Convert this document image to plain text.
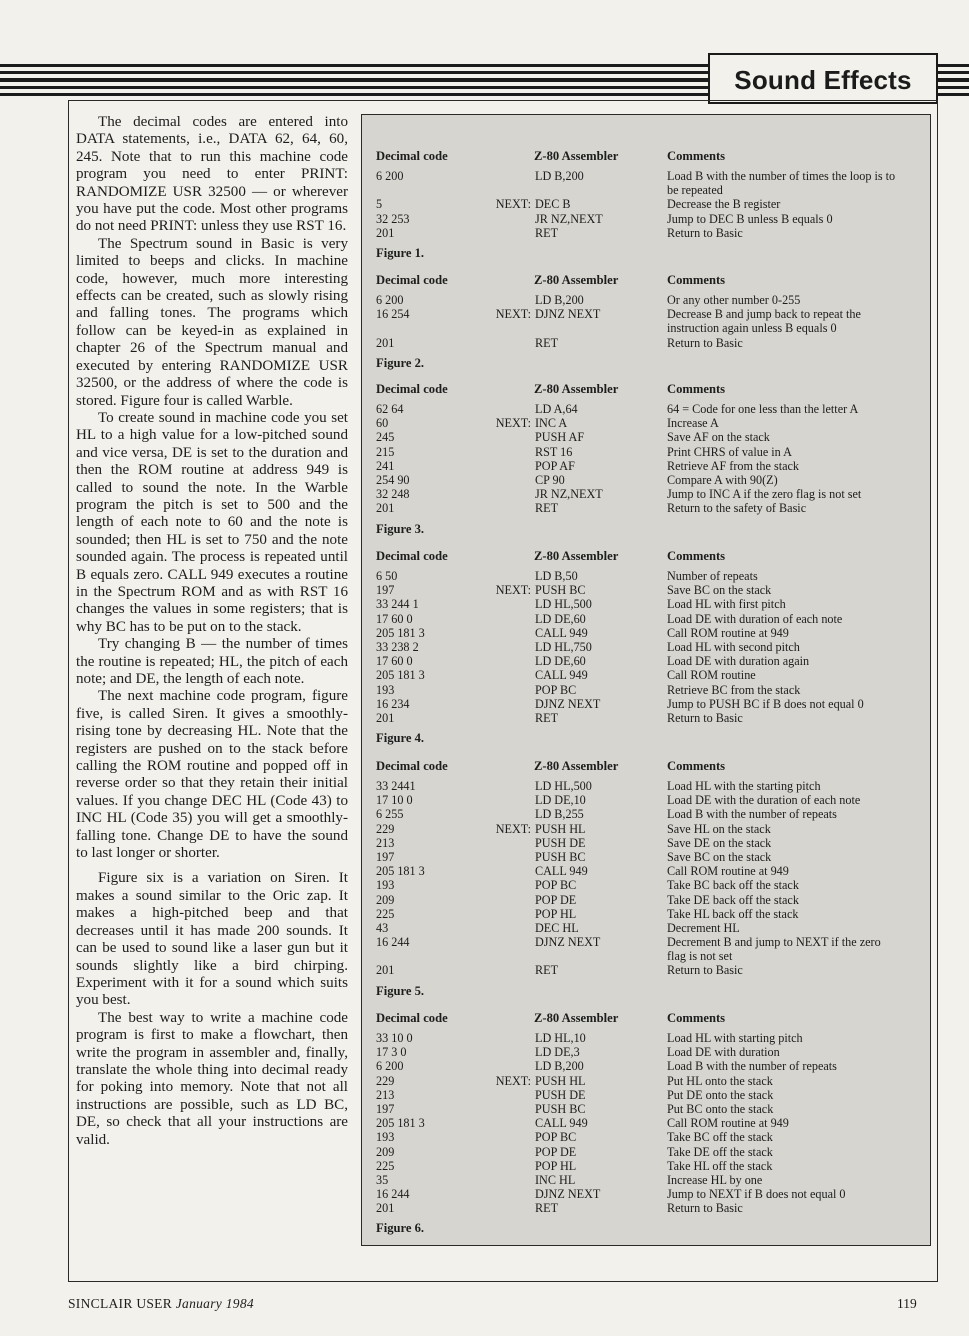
Sound Effects

The decimal codes are entered into DATA statements, i.e., DATA 62, 64, 60, 245. Note that to run this machine code program you need to enter PRINT: RANDOMIZE USR 32500 — or wherever you have put the code. Most other programs do not need PRINT: unless they use RST 16.

The Spectrum sound in Basic is very limited to beeps and clicks. In machine code, however, much more interesting effects can be created, such as slowly rising and falling tones. The programs which follow can be keyed-in as explained in chapter 26 of the Spectrum manual and executed by entering RANDOMIZE USR 32500, or the address of where the code is stored. Figure four is called Warble.

To create sound in machine code you set HL to a high value for a low-pitched sound and vice versa, DE is set to the duration and then the ROM routine at address 949 is called to sound the note. In the Warble program the pitch is set to 500 and the length of each note to 60 and the note is sounded; then HL is set to 750 and the note sounded again. The process is repeated until B equals zero. CALL 949 executes a routine in the Spectrum ROM and as with RST 16 changes the values in some registers; that is why BC has to be put on to the stack.

Try changing B — the number of times the routine is repeated; HL, the pitch of each note; and DE, the length of each note.

The next machine code program, figure five, is called Siren. It gives a smoothly-rising tone by decreasing HL. Note that the registers are pushed on to the stack before calling the ROM routine and popped off in reverse order so that they retain their initial values. If you change DEC HL (Code 43) to INC HL (Code 35) you will get a smoothly-falling tone. Change DE to have the sound to last longer or shorter.

Figure six is a variation on Siren. It makes a sound similar to the Oric zap. It makes a high-pitched beep and that decreases until it has made 200 sounds. It can be used to sound like a laser gun but it sounds slightly like a bird chirping. Experiment with it for a sound which suits you best.

The best way to write a machine code program is first to make a flowchart, then write the program in assembler and, finally, translate the whole thing into decimal ready for poking into memory. Note that not all instructions are possible, such as LD BC, DE, so check that all your instructions are valid.

Decimal code	Z-80 Assembler	Comments
6 200	LD B,200	Load B with the number of times the loop is to be repeated
5	NEXT: DEC B	Decrease the B register
32 253	JR NZ,NEXT	Jump to DEC B unless B equals 0
201	RET	Return to Basic
Figure 1.
Decimal code	Z-80 Assembler	Comments
6 200	LD B,200	Or any other number 0-255
16 254	NEXT: DJNZ NEXT	Decrease B and jump back to repeat the instruction again unless B equals 0
201	RET	Return to Basic
Figure 2.
Decimal code	Z-80 Assembler	Comments
62 64	LD A,64	64 = Code for one less than the letter A
60	NEXT: INC A	Increase A
245	PUSH AF	Save AF on the stack
215	RST 16	Print CHRS of value in A
241	POP AF	Retrieve AF from the stack
254 90	CP 90	Compare A with 90(Z)
32 248	JR NZ,NEXT	Jump to INC A if the zero flag is not set
201	RET	Return to the safety of Basic
Figure 3.
Decimal code	Z-80 Assembler	Comments
6 50	LD B,50	Number of repeats
197	NEXT: PUSH BC	Save BC on the stack
33 244 1	LD HL,500	Load HL with first pitch
17 60 0	LD DE,60	Load DE with duration of each note
205 181 3	CALL 949	Call ROM routine at 949
33 238 2	LD HL,750	Load HL with second pitch
17 60 0	LD DE,60	Load DE with duration again
205 181 3	CALL 949	Call ROM routine
193	POP BC	Retrieve BC from the stack
16 234	DJNZ NEXT	Jump to PUSH BC if B does not equal 0
201	RET	Return to Basic
Figure 4.
Decimal code	Z-80 Assembler	Comments
33 2441	LD HL,500	Load HL with the starting pitch
17 10 0	LD DE,10	Load DE with the duration of each note
6 255	LD B,255	Load B with the number of repeats
229	NEXT: PUSH HL	Save HL on the stack
213	PUSH DE	Save DE on the stack
197	PUSH BC	Save BC on the stack
205 181 3	CALL 949	Call ROM routine at 949
193	POP BC	Take BC back off the stack
209	POP DE	Take DE back off the stack
225	POP HL	Take HL back off the stack
43	DEC HL	Decrement HL
16 244	DJNZ NEXT	Decrement B and jump to NEXT if the zero flag is not set
201	RET	Return to Basic
Figure 5.
Decimal code	Z-80 Assembler	Comments
33 10 0	LD HL,10	Load HL with starting pitch
17 3 0	LD DE,3	Load DE with duration
6 200	LD B,200	Load B with the number of repeats
229	NEXT: PUSH HL	Put HL onto the stack
213	PUSH DE	Put DE onto the stack
197	PUSH BC	Put BC onto the stack
205 181 3	CALL 949	Call ROM routine at 949
193	POP BC	Take BC off the stack
209	POP DE	Take DE off the stack
225	POP HL	Take HL off the stack
35	INC HL	Increase HL by one
16 244	DJNZ NEXT	Jump to NEXT if B does not equal 0
201	RET	Return to Basic
Figure 6.
SINCLAIR USER January 1984	119
